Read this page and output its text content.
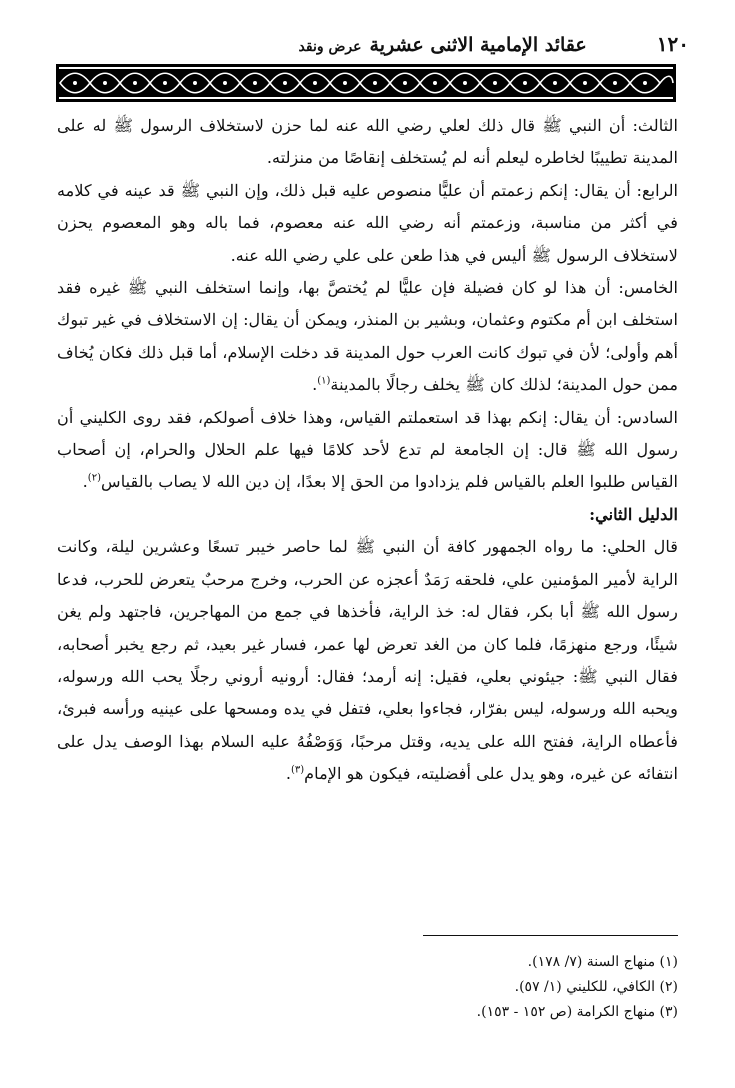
١٢٠
عقائد الإمامية الاثنى عشرية
عرض ونقد

الثالث: أن النبي ﷺ قال ذلك لعلي رضي الله عنه لما حزن لاستخلاف الرسول ﷺ له على المدينة تطييبًا لخاطره ليعلم أنه لم يُستخلف إنقاصًا من منزلته.

الرابع: أن يقال: إنكم زعمتم أن عليًّا منصوص عليه قبل ذلك، وإن النبي ﷺ قد عينه في كلامه في أكثر من مناسبة، وزعمتم أنه رضي الله عنه معصوم، فما باله وهو المعصوم يحزن لاستخلاف الرسول ﷺ أليس في هذا طعن على علي رضي الله عنه.

الخامس: أن هذا لو كان فضيلة فإن عليًّا لم يُختصَّ بها، وإنما استخلف النبي ﷺ غيره فقد استخلف ابن أم مكتوم وعثمان، وبشير بن المنذر، ويمكن أن يقال: إن الاستخلاف في غير تبوك أهم وأولى؛ لأن في تبوك كانت العرب حول المدينة قد دخلت الإسلام، أما قبل ذلك فكان يُخاف ممن حول المدينة؛ لذلك كان ﷺ يخلف رجالًا بالمدينة$^{(١)}$.

السادس: أن يقال: إنكم بهذا قد استعملتم القياس، وهذا خلاف أصولكم، فقد روى الكليني أن رسول الله ﷺ قال: إن الجامعة لم تدع لأحد كلامًا فيها علم الحلال والحرام، إن أصحاب القياس طلبوا العلم بالقياس فلم يزدادوا من الحق إلا بعدًا، إن دين الله لا يصاب بالقياس$^{(٢)}$.

الدليل الثاني:

قال الحلي: ما رواه الجمهور كافة أن النبي ﷺ لما حاصر خيبر تسعًا وعشرين ليلة، وكانت الراية لأمير المؤمنين علي، فلحقه رَمَدٌ أعجزه عن الحرب، وخرج مرحبٌ يتعرض للحرب، فدعا رسول الله ﷺ أبا بكر، فقال له: خذ الراية، فأخذها في جمع من المهاجرين، فاجتهد ولم يغن شيئًا، ورجع منهزمًا، فلما كان من الغد تعرض لها عمر، فسار غير بعيد، ثم رجع يخبر أصحابه، فقال النبي ﷺ: جيئوني بعلي، فقيل: إنه أرمد؛ فقال: أرونيه أروني رجلًا يحب الله ورسوله، ويحبه الله ورسوله، ليس بفرّار، فجاءوا بعلي، فتفل في يده ومسحها على عينيه ورأسه فبرئ، فأعطاه الراية، ففتح الله على يديه، وقتل مرحبًا، وَوَصْفُهُ عليه السلام بهذا الوصف يدل على انتفائه عن غيره، وهو يدل على أفضليته، فيكون هو الإمام$^{(٣)}$.

(١) منهاج السنة (٧/ ١٧٨).

(٢) الكافي، للكليني (١/ ٥٧).

(٣) منهاج الكرامة (ص ١٥٢ - ١٥٣).
